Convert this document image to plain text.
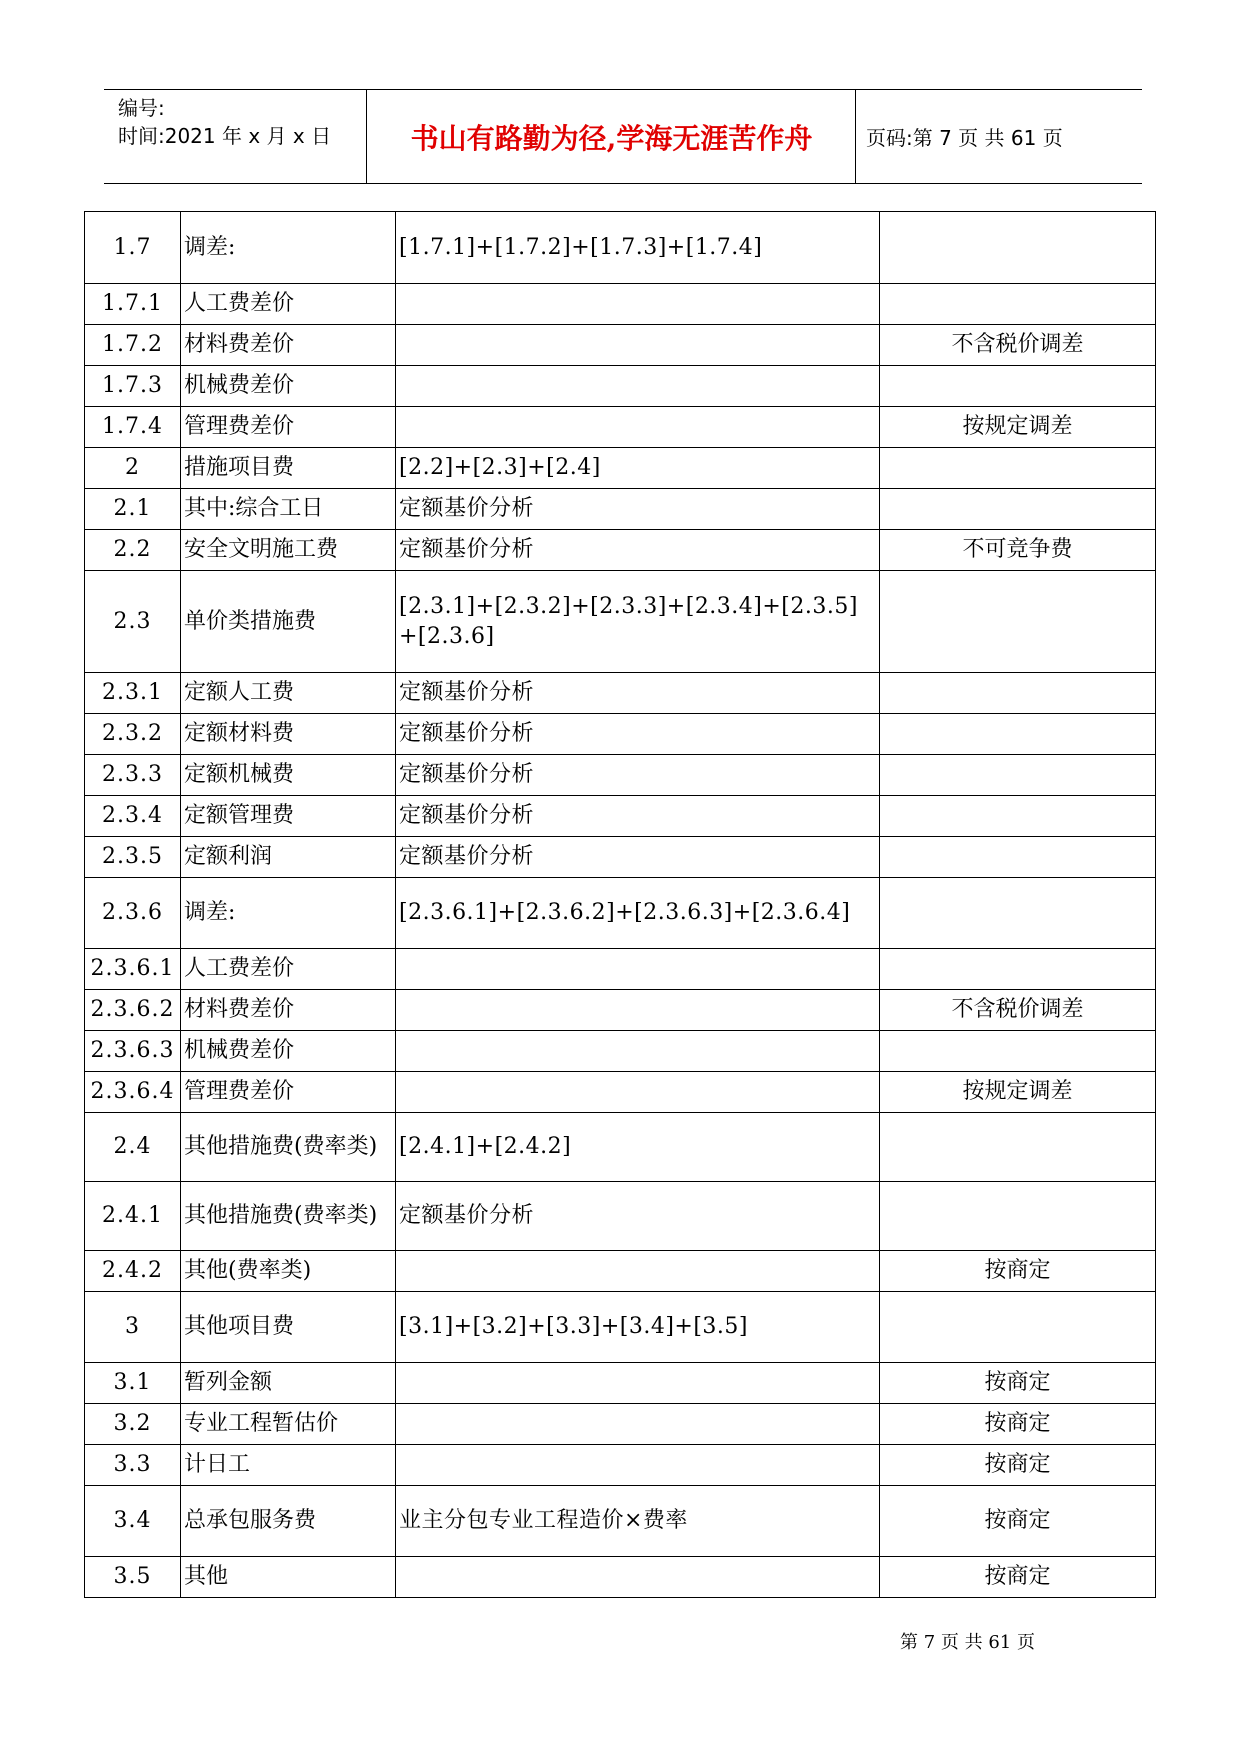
编号:
时间:2021 年 x 月 x 日	书山有路勤为径,学海无涯苦作舟	页码:第 7 页 共 61 页
1.7	调差:	[1.7.1]+[1.7.2]+[1.7.3]+[1.7.4]	
1.7.1	人工费差价		
1.7.2	材料费差价		不含税价调差
1.7.3	机械费差价		
1.7.4	管理费差价		按规定调差
2	措施项目费	[2.2]+[2.3]+[2.4]	
2.1	其中:综合工日	定额基价分析	
2.2	安全文明施工费	定额基价分析	不可竞争费
2.3	单价类措施费	[2.3.1]+[2.3.2]+[2.3.3]+[2.3.4]+[2.3.5]+[2.3.6]	
2.3.1	定额人工费	定额基价分析	
2.3.2	定额材料费	定额基价分析	
2.3.3	定额机械费	定额基价分析	
2.3.4	定额管理费	定额基价分析	
2.3.5	定额利润	定额基价分析	
2.3.6	调差:	[2.3.6.1]+[2.3.6.2]+[2.3.6.3]+[2.3.6.4]	
2.3.6.1	人工费差价		
2.3.6.2	材料费差价		不含税价调差
2.3.6.3	机械费差价		
2.3.6.4	管理费差价		按规定调差
2.4	其他措施费(费率类)	[2.4.1]+[2.4.2]	
2.4.1	其他措施费(费率类)	定额基价分析	
2.4.2	其他(费率类)		按商定
3	其他项目费	[3.1]+[3.2]+[3.3]+[3.4]+[3.5]	
3.1	暂列金额		按商定
3.2	专业工程暂估价		按商定
3.3	计日工		按商定
3.4	总承包服务费	业主分包专业工程造价×费率	按商定
3.5	其他		按商定
第 7 页 共 61 页
